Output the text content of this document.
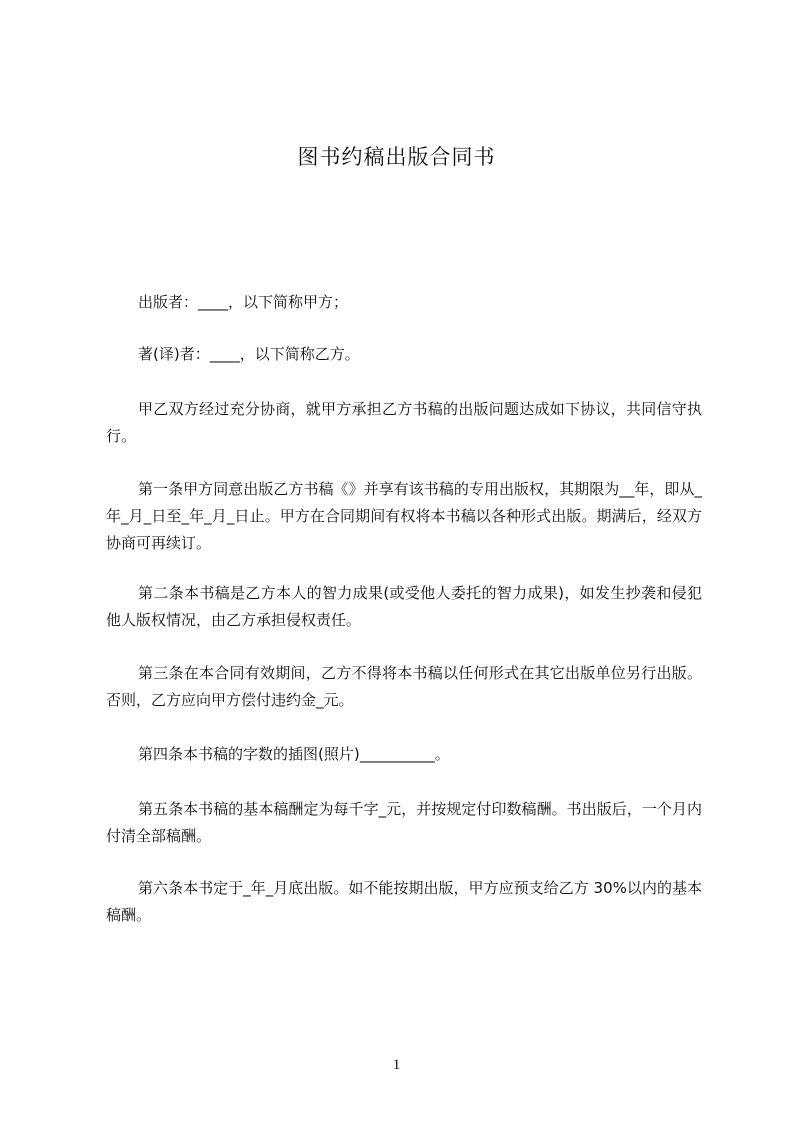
图书约稿出版合同书
出版者：____，以下简称甲方；
著(译)者：____，以下简称乙方。
甲乙双方经过充分协商，就甲方承担乙方书稿的出版问题达成如下协议，共同信守执行。
第一条甲方同意出版乙方书稿《》并享有该书稿的专用出版权，其期限为__年，即从_年_月_日至_年_月_日止。甲方在合同期间有权将本书稿以各种形式出版。期满后，经双方协商可再续订。
第二条本书稿是乙方本人的智力成果(或受他人委托的智力成果)，如发生抄袭和侵犯他人版权情况，由乙方承担侵权责任。
第三条在本合同有效期间，乙方不得将本书稿以任何形式在其它出版单位另行出版。否则，乙方应向甲方偿付违约金_元。
第四条本书稿的字数的插图(照片)__________。
第五条本书稿的基本稿酬定为每千字_元，并按规定付印数稿酬。书出版后，一个月内付清全部稿酬。
第六条本书定于_年_月底出版。如不能按期出版，甲方应预支给乙方 30%以内的基本稿酬。
1
